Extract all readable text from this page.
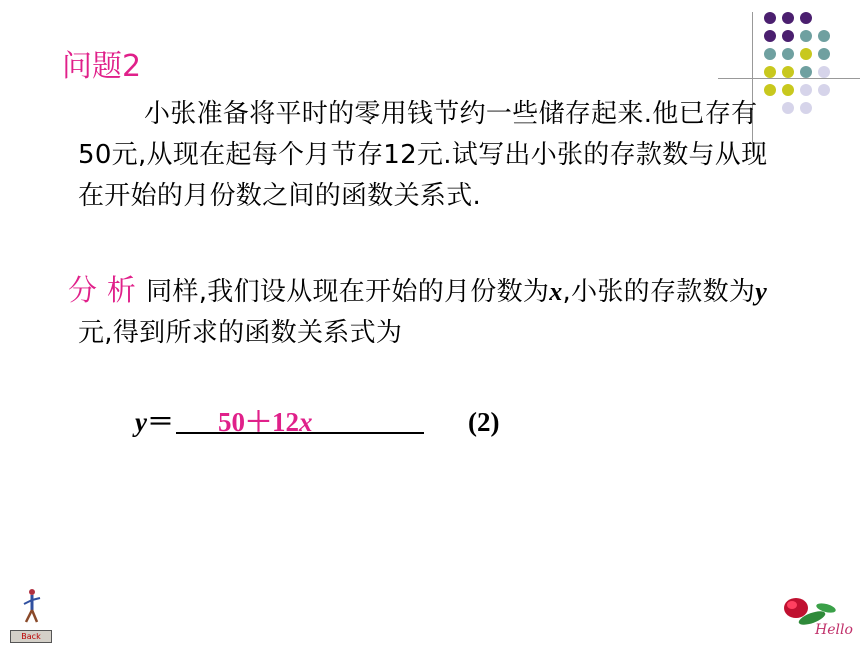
问题2
小张准备将平时的零用钱节约一些储存起来.他已存有50元,从现在起每个月节存12元.试写出小张的存款数与从现在开始的月份数之间的函数关系式.
分 析 同样,我们设从现在开始的月份数为x,小张的存款数为y元,得到所求的函数关系式为
y＝ 50＋12x	(2)
Back	Hello
